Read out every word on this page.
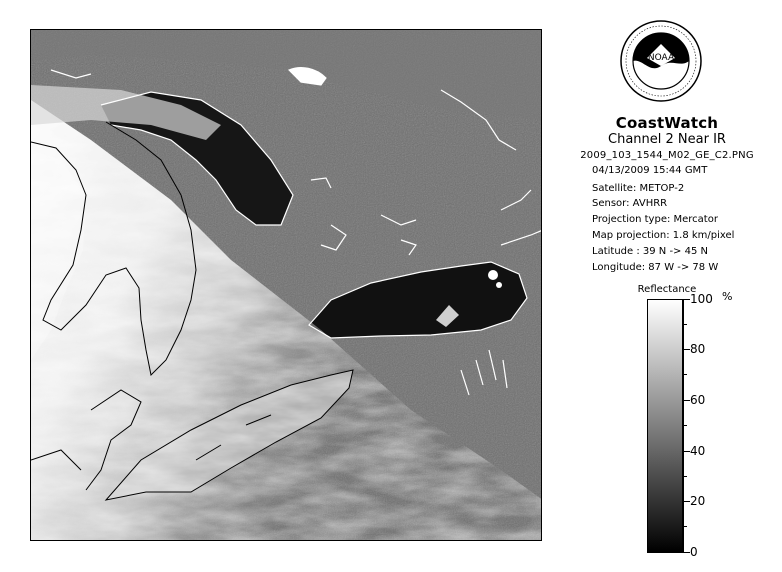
NOAA
CoastWatch
Channel 2 Near IR
2009_103_1544_M02_GE_C2.PNG
04/13/2009 15:44 GMT
Satellite: METOP-2
Sensor: AVHRR
Projection type: Mercator
Map projection: 1.8 km/pixel
Latitude : 39 N -> 45 N
Longitude: 87 W -> 78 W
Reflectance
%
100
80
60
40
20
0
